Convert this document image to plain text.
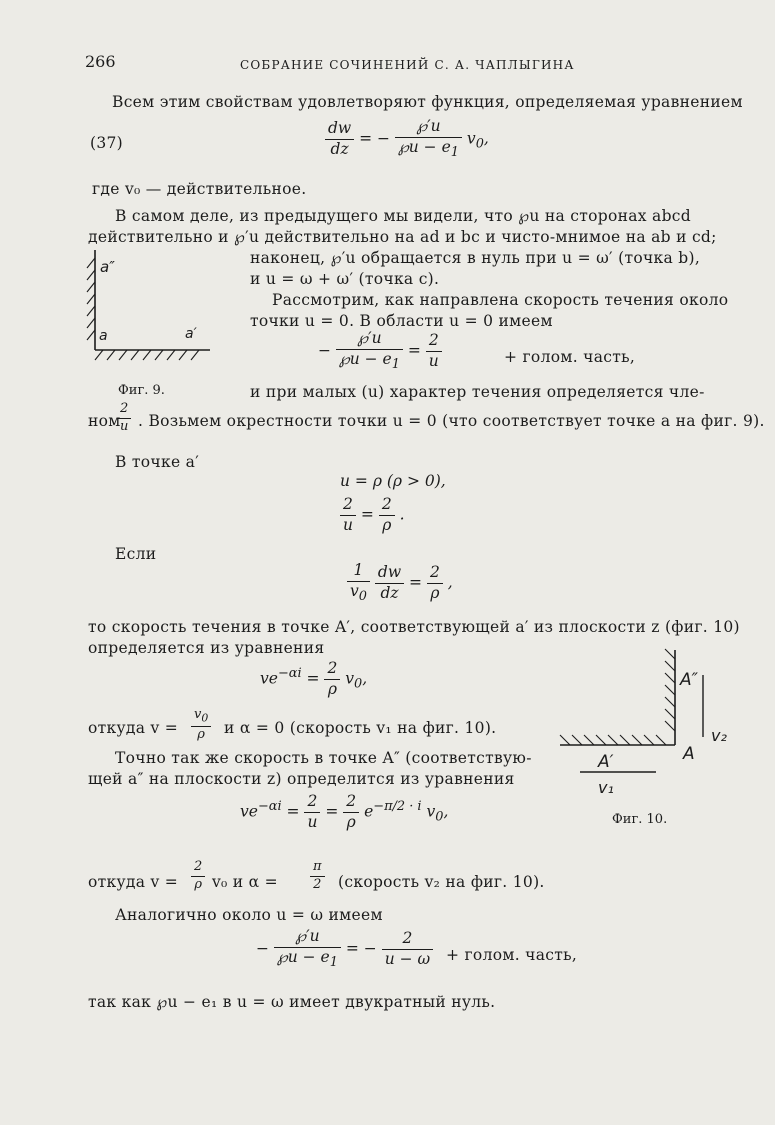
266	СОБРАНИЕ СОЧИНЕНИЙ С. А. ЧАПЛЫГИНА
Всем этим свойствам удовлетворяют функция, определяемая уравнением
(37)	$\frac{dw}{dz}$ = − $\frac{℘'u}{℘u - e_1} v_0$,
где v₀ — действительное.
В самом деле, из предыдущего мы видели, что ℘u на сторонах abcd
действительно и ℘′u действительно на ad и bc и чисто-мнимое на ab и cd;
наконец, ℘′u обращается в нуль при u = ω′ (точка b),
и u = ω + ω′ (точка c).
a″
a	a′
Фиг. 9.
Рассмотрим, как направлена скорость течения около
точки u = 0. В области u = 0 имеем
− $\frac{℘'u}{℘u - e_1} = \frac{2}{u}$	+ голом. часть,
и при малых (u) характер течения определяется чле-
ном
$\frac{2}{u}$ . Возьмем окрестности точки u = 0 (что соответствует точке a на фиг. 9).
В точке a′
u = ρ (ρ > 0),
$\frac{2}{u} = \frac{2}{\rho}$ .
Если
$\frac{1}{v_0}$
$\frac{dw}{dz} = \frac{2}{\rho}$ ,
то скорость течения в точке A′, соответствующей a′ из плоскости z (фиг. 10)
определяется из уравнения
$ve^{-\alpha i} = \frac{2}{\rho} v_0$,
откуда $v = \frac{v_0}{\rho}$ и α = 0 (скорость v₁ на фиг. 10).
Точно так же скорость в точке A″ (соответствую-
щей a″ на плоскости z) определится из уравнения
$ve^{-\alpha i} = \frac{2}{u} = \frac{2}{\rho} e^{-\pi/2 \cdot i}$ $v_0$,
A″
v₂
A
A′
v₁
Фиг. 10.
откуда $v = \frac{2}{\rho} v_0$ и $\alpha = \frac{\pi}{2}$ (скорость v₂ на фиг. 10).
Аналогично около u = ω имеем
− $\frac{℘'u}{℘u - e_1}$ = − $\frac{2}{u - \omega}$ + голом. часть,
так как ℘u − e₁ в u = ω имеет двукратный нуль.
